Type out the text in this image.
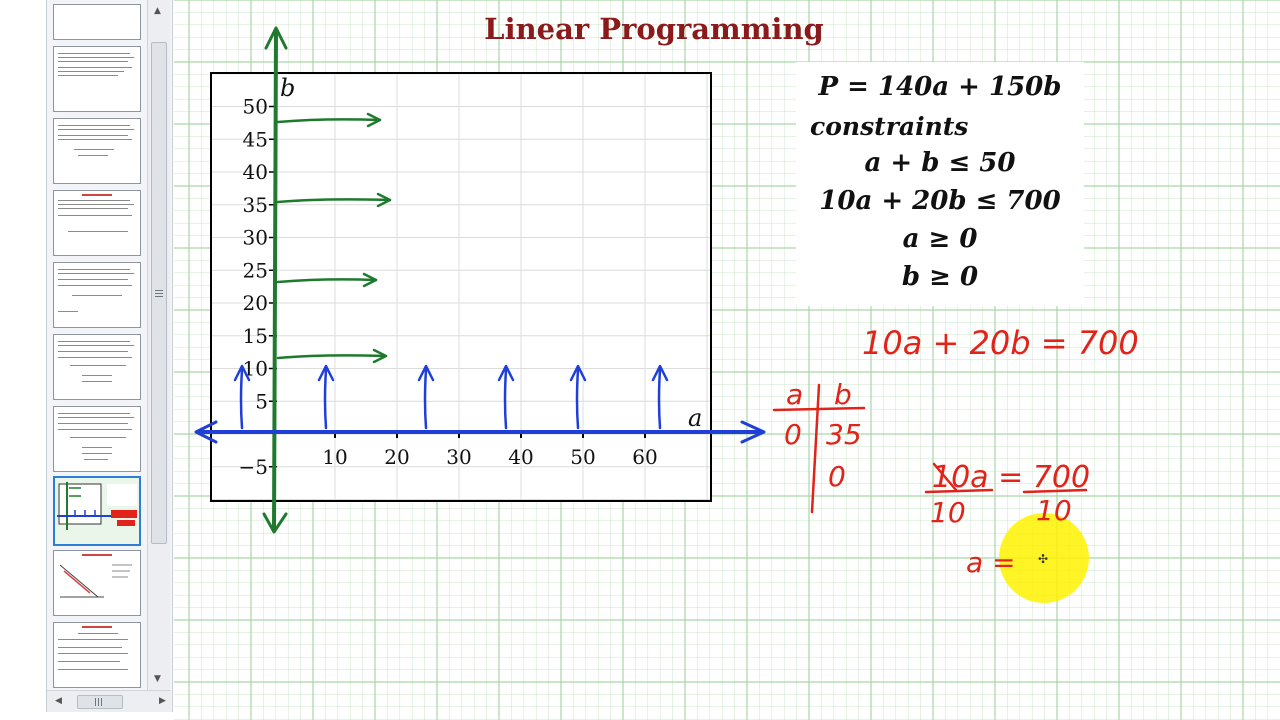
▲
▼
◀	▶
Linear Programming
10 20 30 40 50 60
50
45
40
35
30
25
20
15
10
5
−5
a
b	P = 140a + 150b
constraints
a + b ≤ 50
10a + 20b ≤ 700
a ≥ 0
b ≥ 0
✣
10a + 20b = 700
a b
0 35
0	10a = 700
10	10
a =
